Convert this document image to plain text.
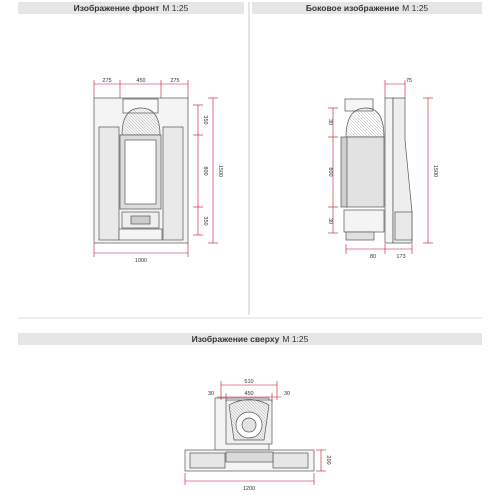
Изображение фронт M 1:25	Боковое изображение M 1:25
Изображение сверху M 1:25
275	450	275
1000
350
800
350
1500
75
30
800
30
1500
80	173
510
30	450	30
200
1200
